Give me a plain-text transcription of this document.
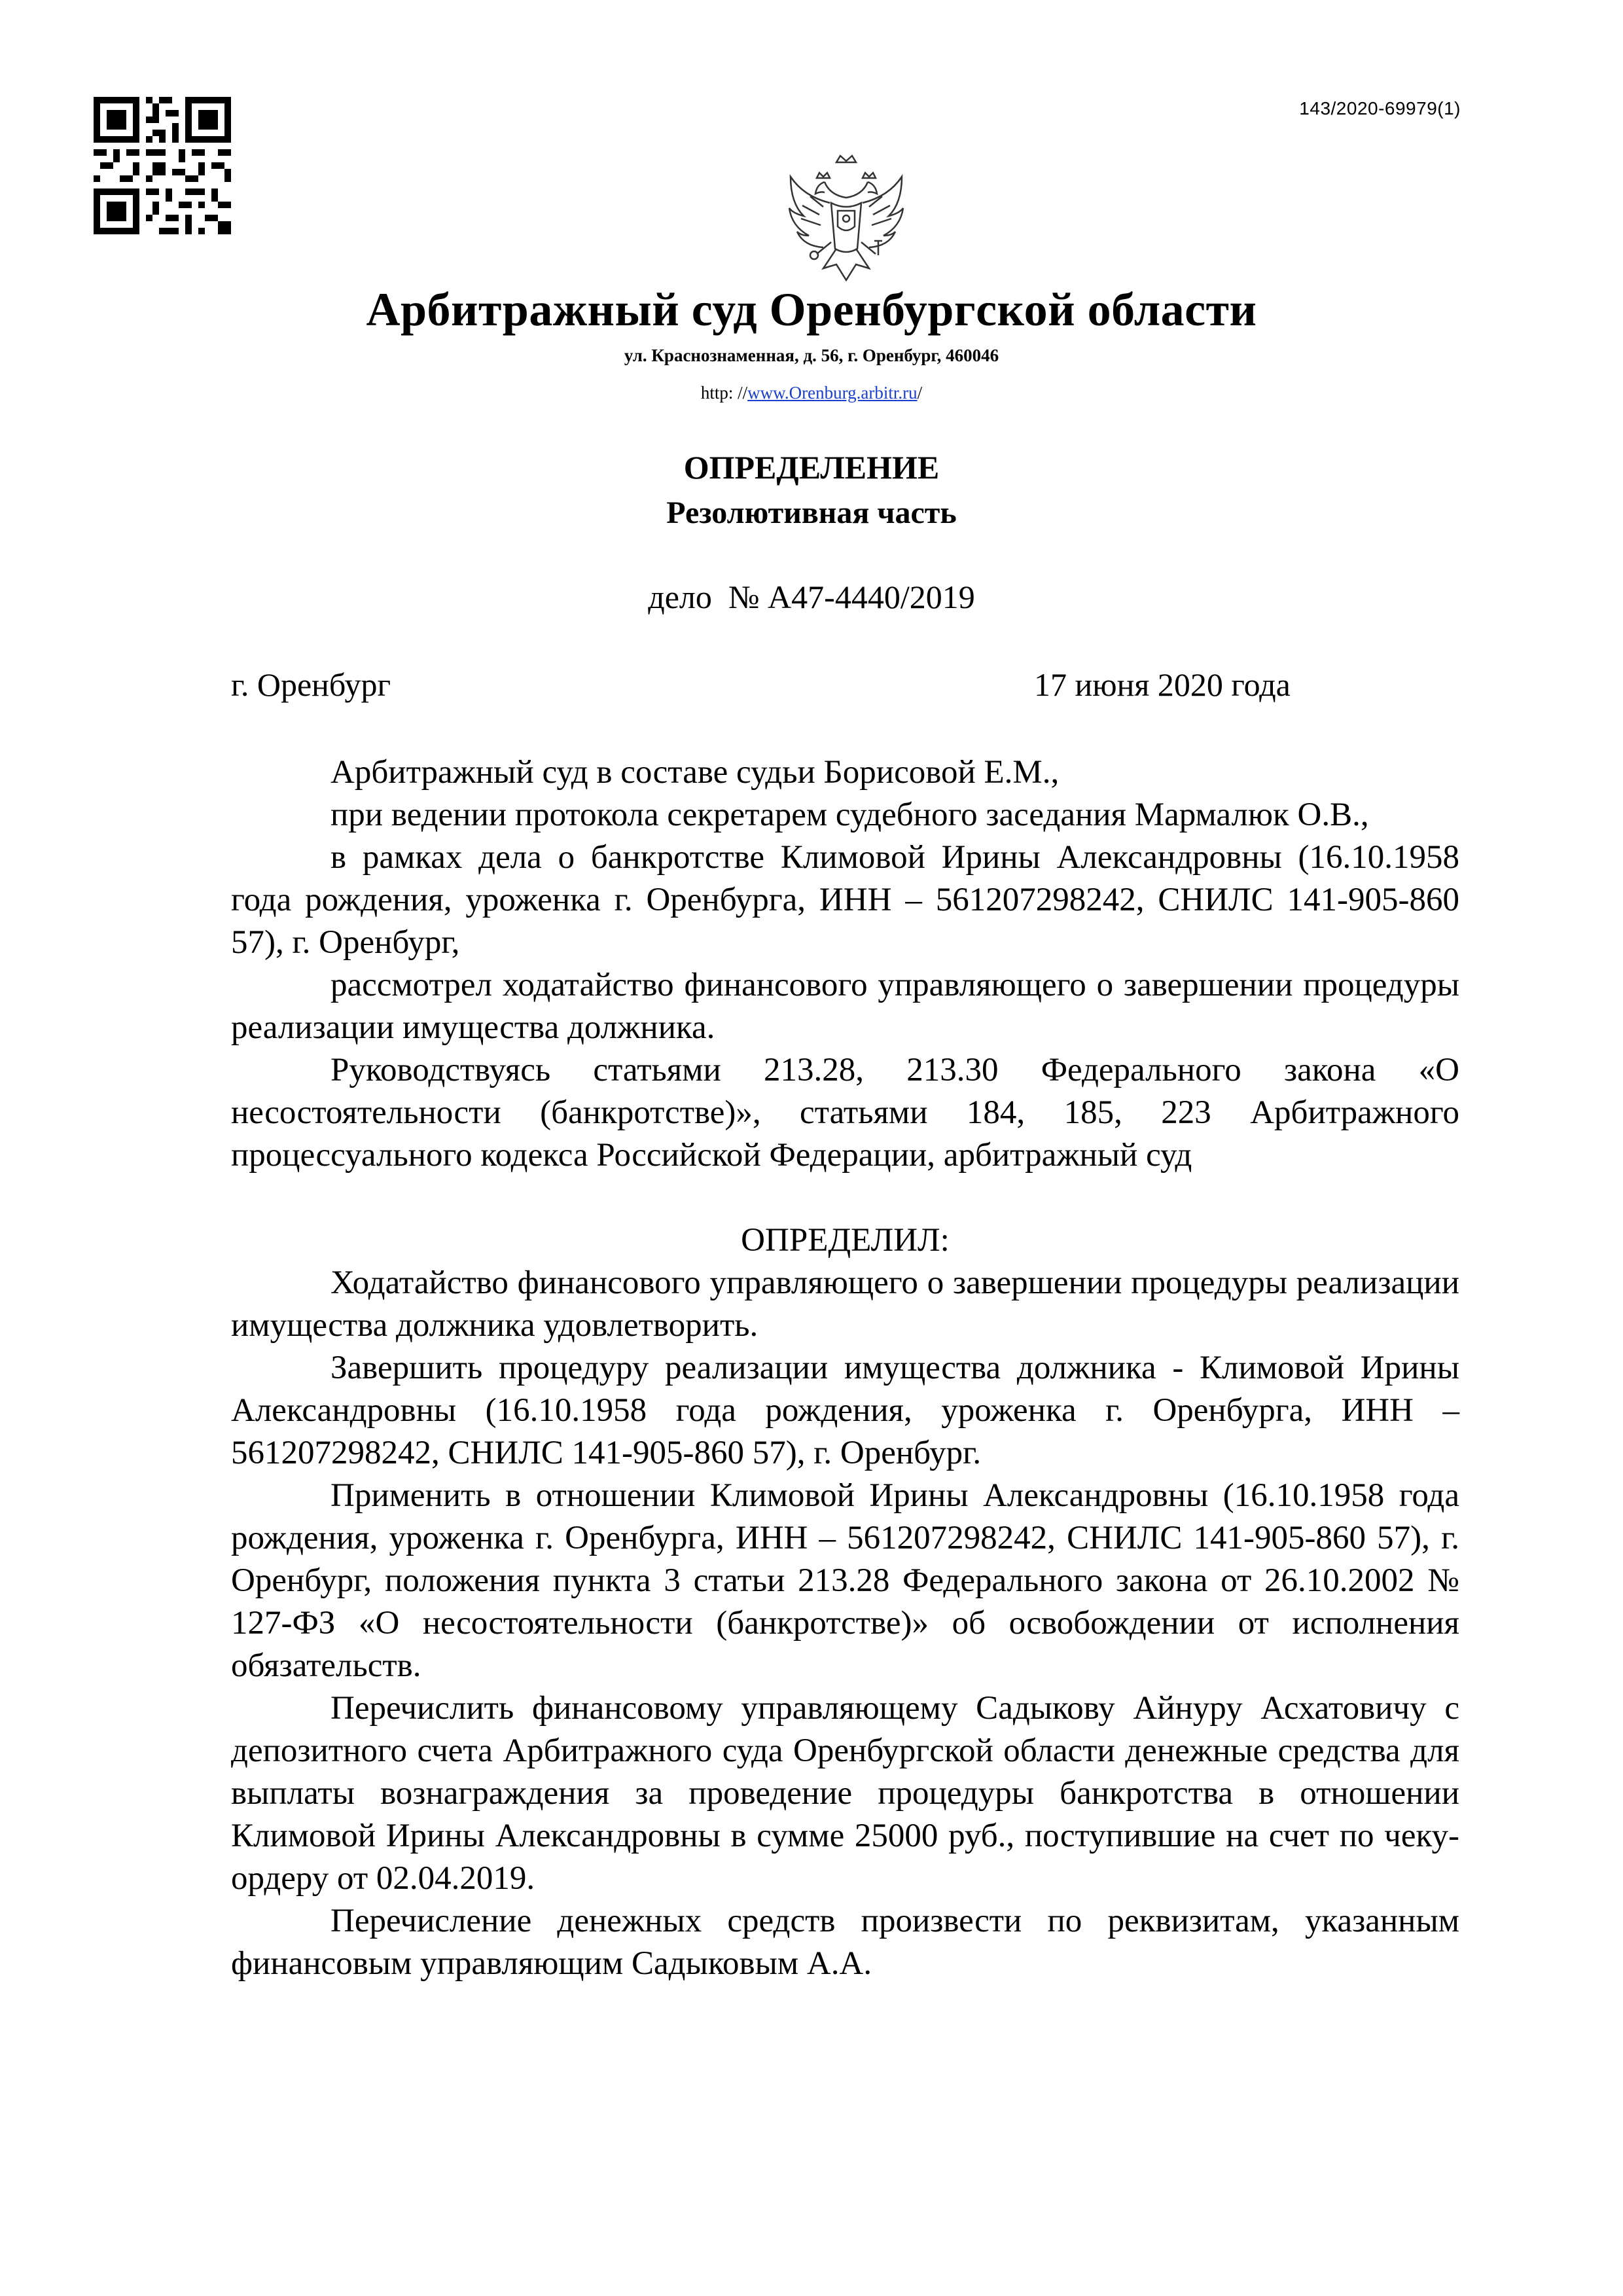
143/2020-69979(1)
Арбитражный суд Оренбургской области
ул. Краснознаменная, д. 56, г. Оренбург, 460046
http: //www.Orenburg.arbitr.ru/
ОПРЕДЕЛЕНИЕ
Резолютивная часть
дело  № А47-4440/2019
г. Оренбург	17 июня 2020 года

Арбитражный суд в составе судьи Борисовой Е.М.,

при ведении протокола секретарем судебного заседания Мармалюк О.В.,

в рамках дела о банкротстве Климовой Ирины Александровны (16.10.1958 года рождения, уроженка г. Оренбурга, ИНН – 561207298242, СНИЛС 141-905-860 57), г. Оренбург,

рассмотрел ходатайство финансового управляющего о завершении процедуры реализации имущества должника.

Руководствуясь статьями 213.28, 213.30 Федерального закона «О несостоятельности (банкротстве)», статьями 184, 185, 223 Арбитражного процессуального кодекса Российской Федерации, арбитражный суд

ОПРЕДЕЛИЛ:

Ходатайство финансового управляющего о завершении процедуры реализации имущества должника удовлетворить.

Завершить процедуру реализации имущества должника - Климовой Ирины Александровны (16.10.1958 года рождения, уроженка г. Оренбурга, ИНН – 561207298242, СНИЛС 141-905-860 57), г. Оренбург.

Применить в отношении Климовой Ирины Александровны (16.10.1958 года рождения, уроженка г. Оренбурга, ИНН – 561207298242, СНИЛС 141-905-860 57), г. Оренбург, положения пункта 3 статьи 213.28 Федерального закона от 26.10.2002 № 127-ФЗ «О несостоятельности (банкротстве)» об освобождении от исполнения обязательств.

Перечислить финансовому управляющему Садыкову Айнуру Асхатовичу с депозитного счета Арбитражного суда Оренбургской области денежные средства для выплаты вознаграждения за проведение процедуры банкротства в отношении Климовой Ирины Александровны в сумме 25000 руб., поступившие на счет по чеку-ордеру от 02.04.2019.

Перечисление денежных средств произвести по реквизитам, указанным финансовым управляющим Садыковым А.А.
